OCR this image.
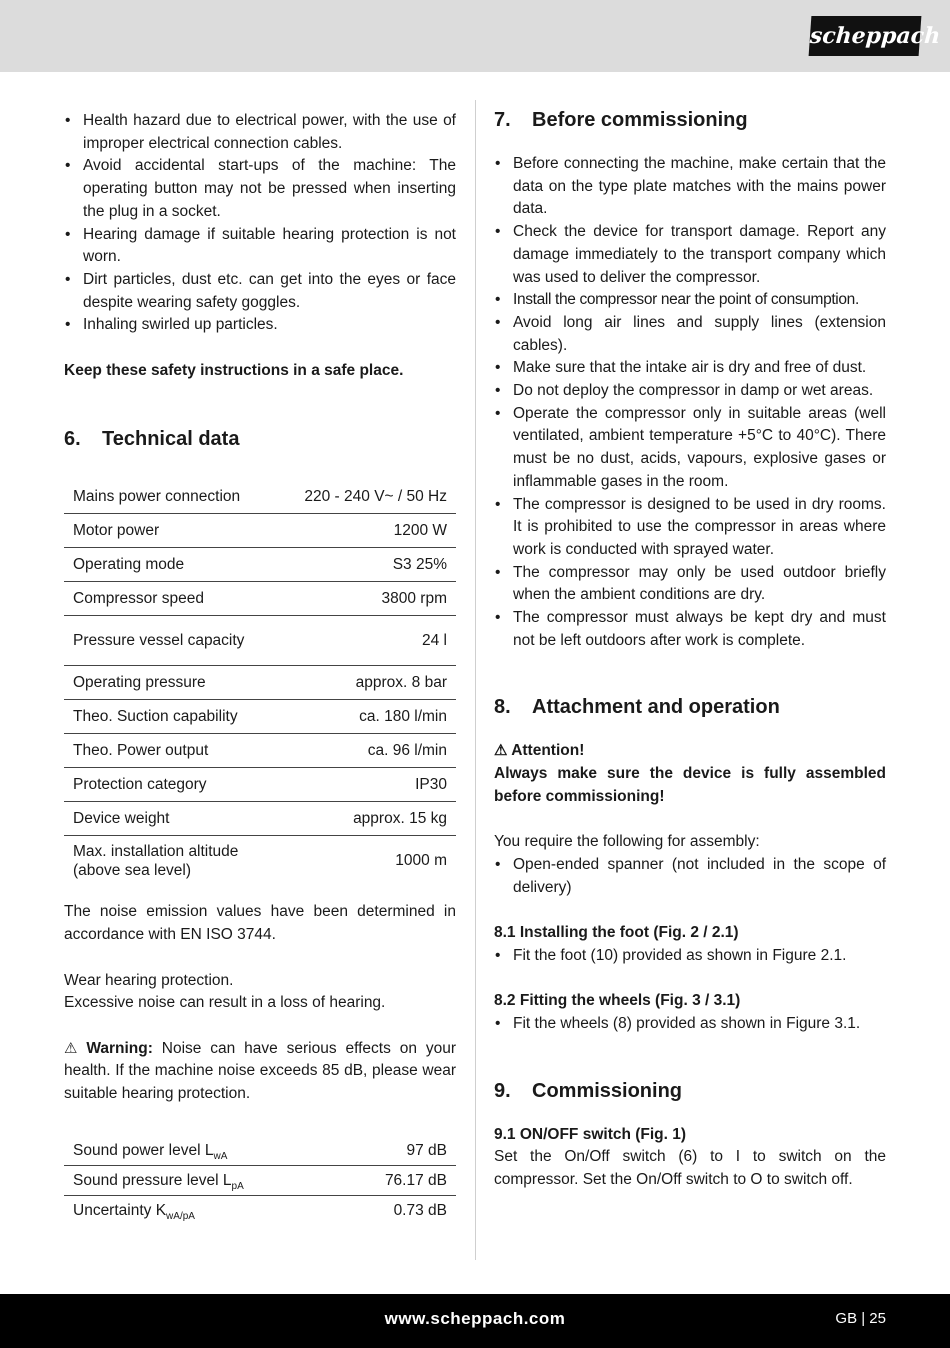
scheppach
• Health hazard due to electrical power, with the use of improper electrical connection cables.
• Avoid accidental start-ups of the machine: The operating button may not be pressed when inserting the plug in a socket.
• Hearing damage if suitable hearing protection is not worn.
• Dirt particles, dust etc. can get into the eyes or face despite wearing safety goggles.
• Inhaling swirled up particles.

Keep these safety instructions in a safe place.

6.	Technical data
Mains power connection	220 - 240 V~ / 50 Hz
Motor power	1200 W
Operating mode	S3 25%
Compressor speed	3800 rpm
Pressure vessel capacity	24 l
Operating pressure	approx. 8 bar
Theo. Suction capability	ca. 180 l/min
Theo. Power output	ca. 96 l/min
Protection category	IP30
Device weight	approx. 15 kg
Max. installation altitude (above sea level)	1000 m

The noise emission values have been determined in accordance with EN ISO 3744.

Wear hearing protection.

Excessive noise can result in a loss of hearing.

⚠ Warning: Noise can have serious effects on your health. If the machine noise exceeds 85 dB, please wear suitable hearing protection.

Sound power level $L_{wA}$	97 dB
Sound pressure level $L_{pA}$	76.17 dB
Uncertainty $K_{wA/pA}$	0.73 dB
7.	Before commissioning
• Before connecting the machine, make certain that the data on the type plate matches with the mains power data.
• Check the device for transport damage. Report any damage immediately to the transport company which was used to deliver the compressor.
• Install the compressor near the point of consumption.
• Avoid long air lines and supply lines (extension cables).
• Make sure that the intake air is dry and free of dust.
• Do not deploy the compressor in damp or wet areas.
• Operate the compressor only in suitable areas (well ventilated, ambient temperature +5°C to 40°C). There must be no dust, acids, vapours, explosive gases or inflammable gases in the room.
• The compressor is designed to be used in dry rooms. It is prohibited to use the compressor in areas where work is conducted with sprayed water.
• The compressor may only be used outdoor briefly when the ambient conditions are dry.
• The compressor must always be kept dry and must not be left outdoors after work is complete.
8.	Attachment and operation

⚠ Attention!

Always make sure the device is fully assembled before commissioning!

You require the following for assembly:

• Open-ended spanner (not included in the scope of delivery)
8.1 Installing the foot (Fig. 2 / 2.1)
• Fit the foot (10) provided as shown in Figure 2.1.
8.2 Fitting the wheels (Fig. 3 / 3.1)
• Fit the wheels (8) provided as shown in Figure 3.1.
9.	Commissioning
9.1 ON/OFF switch (Fig. 1)

Set the On/Off switch (6) to I to switch on the compressor. Set the On/Off switch to O to switch off.

www.scheppach.com	GB | 25
